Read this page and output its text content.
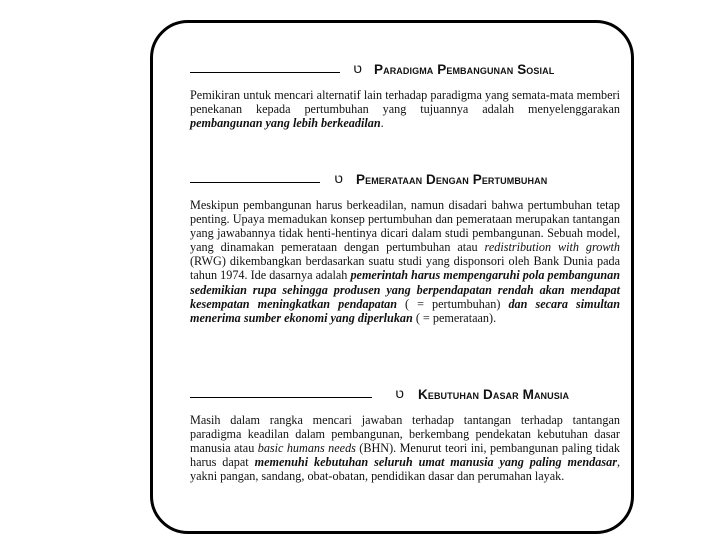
ט Paradigma Pembangunan Sosial
Pemikiran untuk mencari alternatif lain terhadap paradigma yang semata-mata memberi penekanan kepada pertumbuhan yang tujuannya adalah menyelenggarakan pembangunan yang lebih berkeadilan.
ט Pemerataan Dengan Pertumbuhan
Meskipun pembangunan harus berkeadilan, namun disadari bahwa pertumbuhan tetap penting. Upaya memadukan konsep pertumbuhan dan pemerataan merupakan tantangan yang jawabannya tidak henti-hentinya dicari dalam studi pembangunan. Sebuah model, yang dinamakan pemerataan dengan pertumbuhan atau redistribution with growth (RWG) dikembangkan berdasarkan suatu studi yang disponsori oleh Bank Dunia pada tahun 1974. Ide dasarnya adalah pemerintah harus mempengaruhi pola pembangunan sedemikian rupa sehingga produsen yang berpendapatan rendah akan mendapat kesempatan meningkatkan pendapatan ( = pertumbuhan) dan secara simultan menerima sumber ekonomi yang diperlukan ( = pemerataan).
ט Kebutuhan Dasar Manusia
Masih dalam rangka mencari jawaban terhadap tantangan terhadap tantangan paradigma keadilan dalam pembangunan, berkembang pendekatan kebutuhan dasar manusia atau basic humans needs (BHN). Menurut teori ini, pembangunan paling tidak harus dapat memenuhi kebutuhan seluruh umat manusia yang paling mendasar, yakni pangan, sandang, obat-obatan, pendidikan dasar dan perumahan layak.
